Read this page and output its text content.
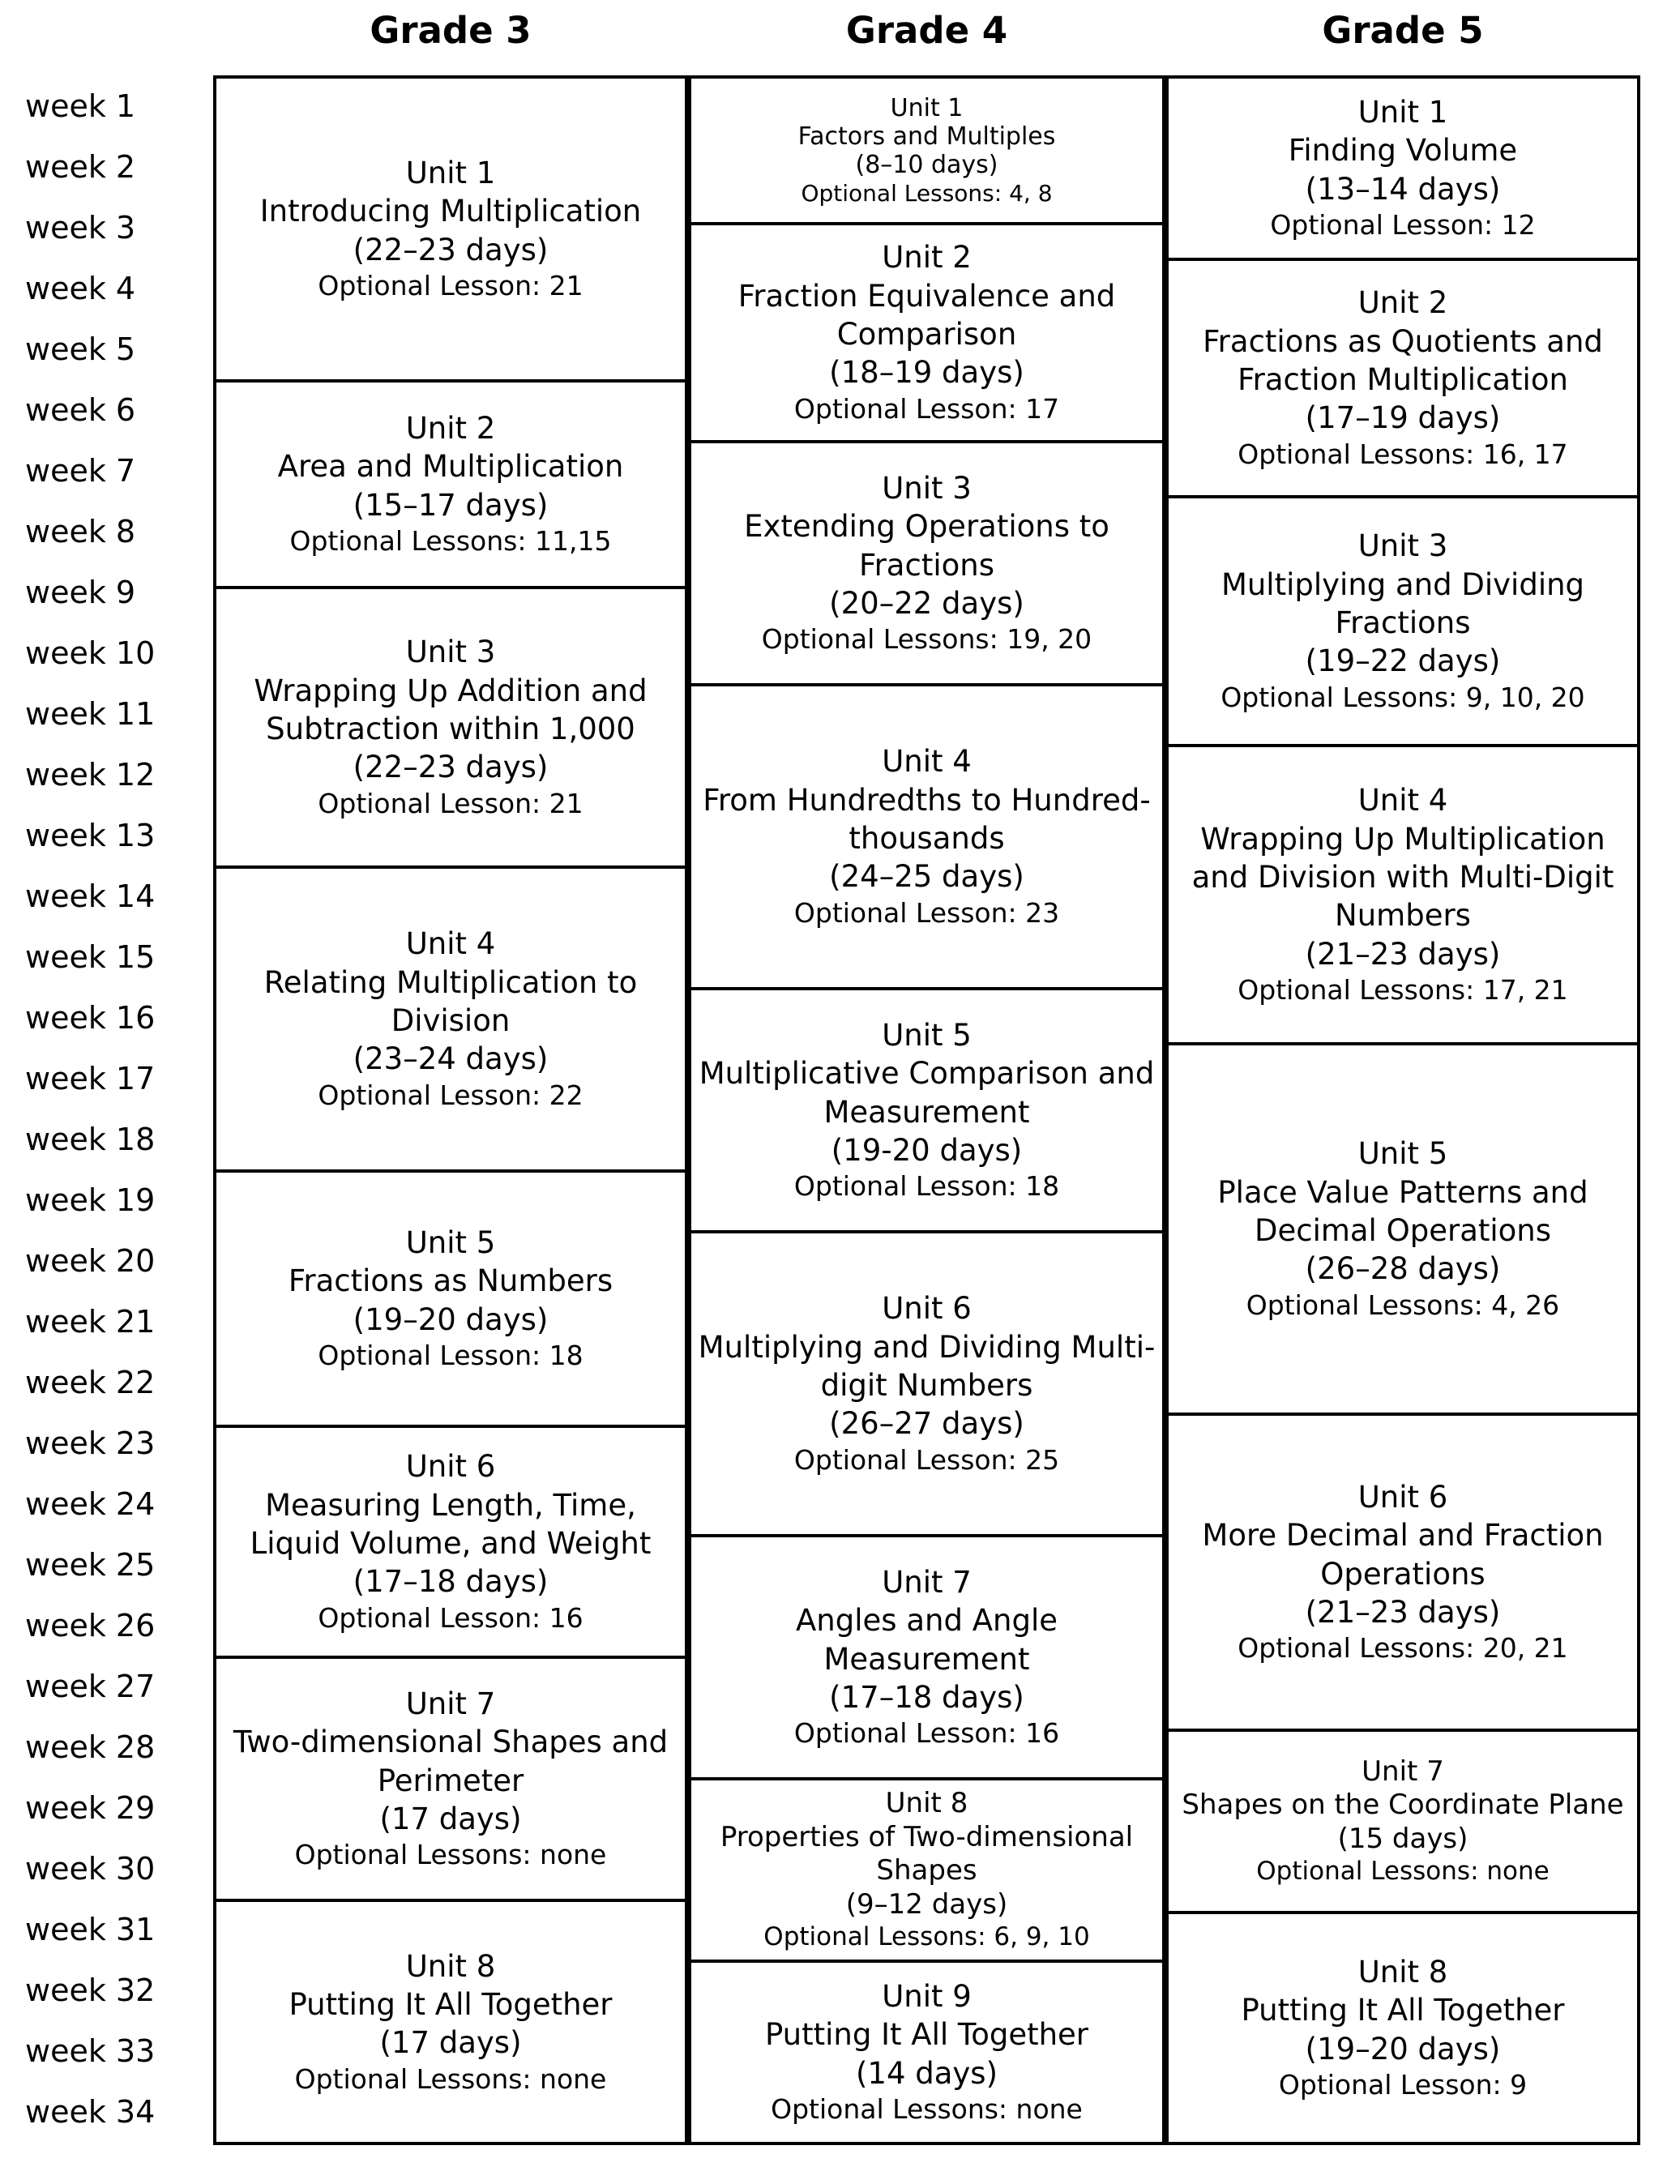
Grade 3	Grade 4	Grade 5
week 1
week 2
week 3
week 4
week 5
week 6
week 7
week 8
week 9
week 10
week 11
week 12
week 13
week 14
week 15
week 16
week 17
week 18
week 19
week 20
week 21
week 22
week 23
week 24
week 25
week 26
week 27
week 28
week 29
week 30
week 31
week 32
week 33
week 34
Unit 1
Introducing Multiplication
(22–23 days)
Optional Lesson: 21
Unit 2
Area and Multiplication
(15–17 days)
Optional Lessons: 11,15
Unit 3
Wrapping Up Addition and Subtraction within 1,000
(22–23 days)
Optional Lesson: 21
Unit 4
Relating Multiplication to Division
(23–24 days)
Optional Lesson: 22
Unit 5
Fractions as Numbers
(19–20 days)
Optional Lesson: 18
Unit 6
Measuring Length, Time, Liquid Volume, and Weight
(17–18 days)
Optional Lesson: 16
Unit 7
Two-dimensional Shapes and Perimeter
(17 days)
Optional Lessons: none
Unit 8
Putting It All Together
(17 days)
Optional Lessons: none
Unit 1
Factors and Multiples
(8–10 days)
Optional Lessons: 4, 8
Unit 2
Fraction Equivalence and Comparison
(18–19 days)
Optional Lesson: 17
Unit 3
Extending Operations to Fractions
(20–22 days)
Optional Lessons: 19, 20
Unit 4
From Hundredths to Hundred-thousands
(24–25 days)
Optional Lesson: 23
Unit 5
Multiplicative Comparison and Measurement
(19-20 days)
Optional Lesson: 18
Unit 6
Multiplying and Dividing Multi-digit Numbers
(26–27 days)
Optional Lesson: 25
Unit 7
Angles and Angle Measurement
(17–18 days)
Optional Lesson: 16
Unit 8
Properties of Two-dimensional Shapes
(9–12 days)
Optional Lessons: 6, 9, 10
Unit 9
Putting It All Together
(14 days)
Optional Lessons: none
Unit 1
Finding Volume
(13–14 days)
Optional Lesson: 12
Unit 2
Fractions as Quotients and Fraction Multiplication
(17–19 days)
Optional Lessons: 16, 17
Unit 3
Multiplying and Dividing Fractions
(19–22 days)
Optional Lessons: 9, 10, 20
Unit 4
Wrapping Up Multiplication and Division with Multi-Digit Numbers
(21–23 days)
Optional Lessons: 17, 21
Unit 5
Place Value Patterns and Decimal Operations
(26–28 days)
Optional Lessons: 4, 26
Unit 6
More Decimal and Fraction Operations
(21–23 days)
Optional Lessons: 20, 21
Unit 7
Shapes on the Coordinate Plane
(15 days)
Optional Lessons: none
Unit 8
Putting It All Together
(19–20 days)
Optional Lesson: 9
